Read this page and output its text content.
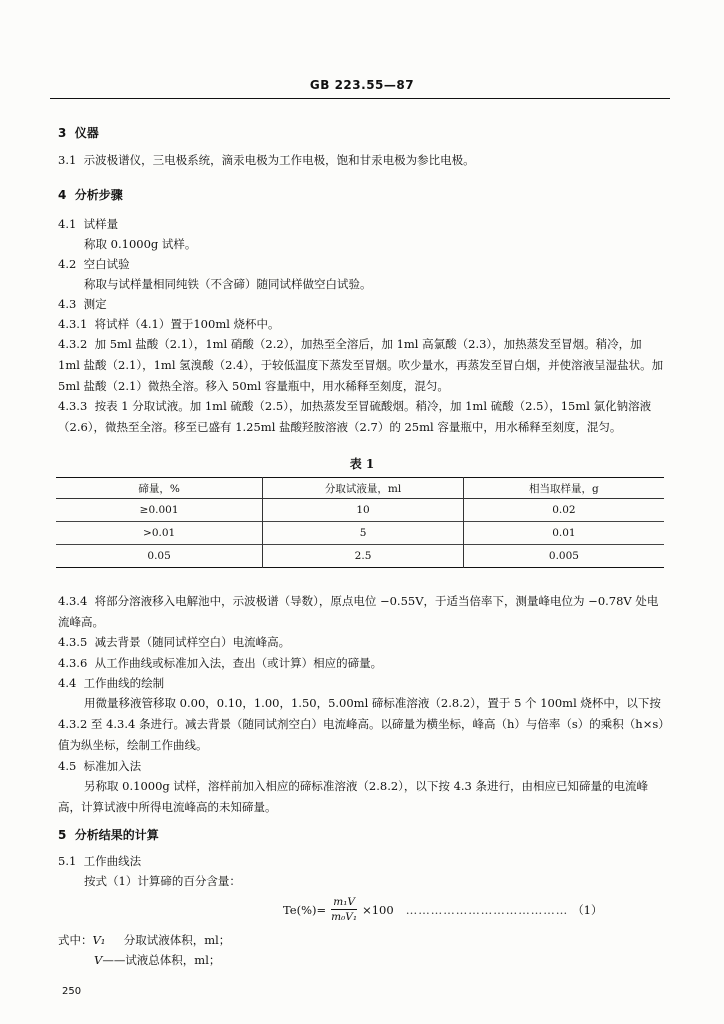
GB 223.55—87
3 仪器
3.1 示波极谱仪，三电极系统，滴汞电极为工作电极，饱和甘汞电极为参比电极。
4 分析步骤
4.1 试样量
称取 0.1000g 试样。
4.2 空白试验
称取与试样量相同纯铁（不含碲）随同试样做空白试验。
4.3 测定
4.3.1 将试样（4.1）置于100ml 烧杯中。
4.3.2 加 5ml 盐酸（2.1），1ml 硝酸（2.2），加热至全溶后，加 1ml 高氯酸（2.3），加热蒸发至冒烟。稍冷，加 1ml 盐酸（2.1），1ml 氢溴酸（2.4），于较低温度下蒸发至冒烟。吹少量水，再蒸发至冒白烟，并使溶液呈湿盐状。加 5ml 盐酸（2.1）微热全溶。移入 50ml 容量瓶中，用水稀释至刻度，混匀。
4.3.3 按表 1 分取试液。加 1ml 硫酸（2.5），加热蒸发至冒硫酸烟。稍冷，加 1ml 硫酸（2.5），15ml 氯化钠溶液（2.6），微热至全溶。移至已盛有 1.25ml 盐酸羟胺溶液（2.7）的 25ml 容量瓶中，用水稀释至刻度，混匀。
表 1
碲量，%	分取试液量，ml	相当取样量，g
≥0.001	10	0.02
>0.01	5	0.01
0.05	2.5	0.005
4.3.4 将部分溶液移入电解池中，示波极谱（导数），原点电位 −0.55V，于适当倍率下，测量峰电位为 −0.78V 处电流峰高。
4.3.5 减去背景（随同试样空白）电流峰高。
4.3.6 从工作曲线或标准加入法，查出（或计算）相应的碲量。
4.4 工作曲线的绘制
用微量移液管移取 0.00，0.10，1.00，1.50，5.00ml 碲标准溶液（2.8.2），置于 5 个 100ml 烧杯中，以下按 4.3.2 至 4.3.4 条进行。减去背景（随同试剂空白）电流峰高。以碲量为横坐标，峰高（h）与倍率（s）的乘积（h×s）值为纵坐标，绘制工作曲线。
4.5 标准加入法
另称取 0.1000g 试样，溶样前加入相应的碲标准溶液（2.8.2），以下按 4.3 条进行，由相应已知碲量的电流峰高，计算试液中所得电流峰高的未知碲量。
5 分析结果的计算
5.1 工作曲线法
按式（1）计算碲的百分含量：
$Te(\%)= \frac{\text{m₁V}}{\text{m₀V₁}} \times 100$ ………………………………… （1）
式中：V₁ 分取试液体积，ml；
V——试液总体积，ml；
250
